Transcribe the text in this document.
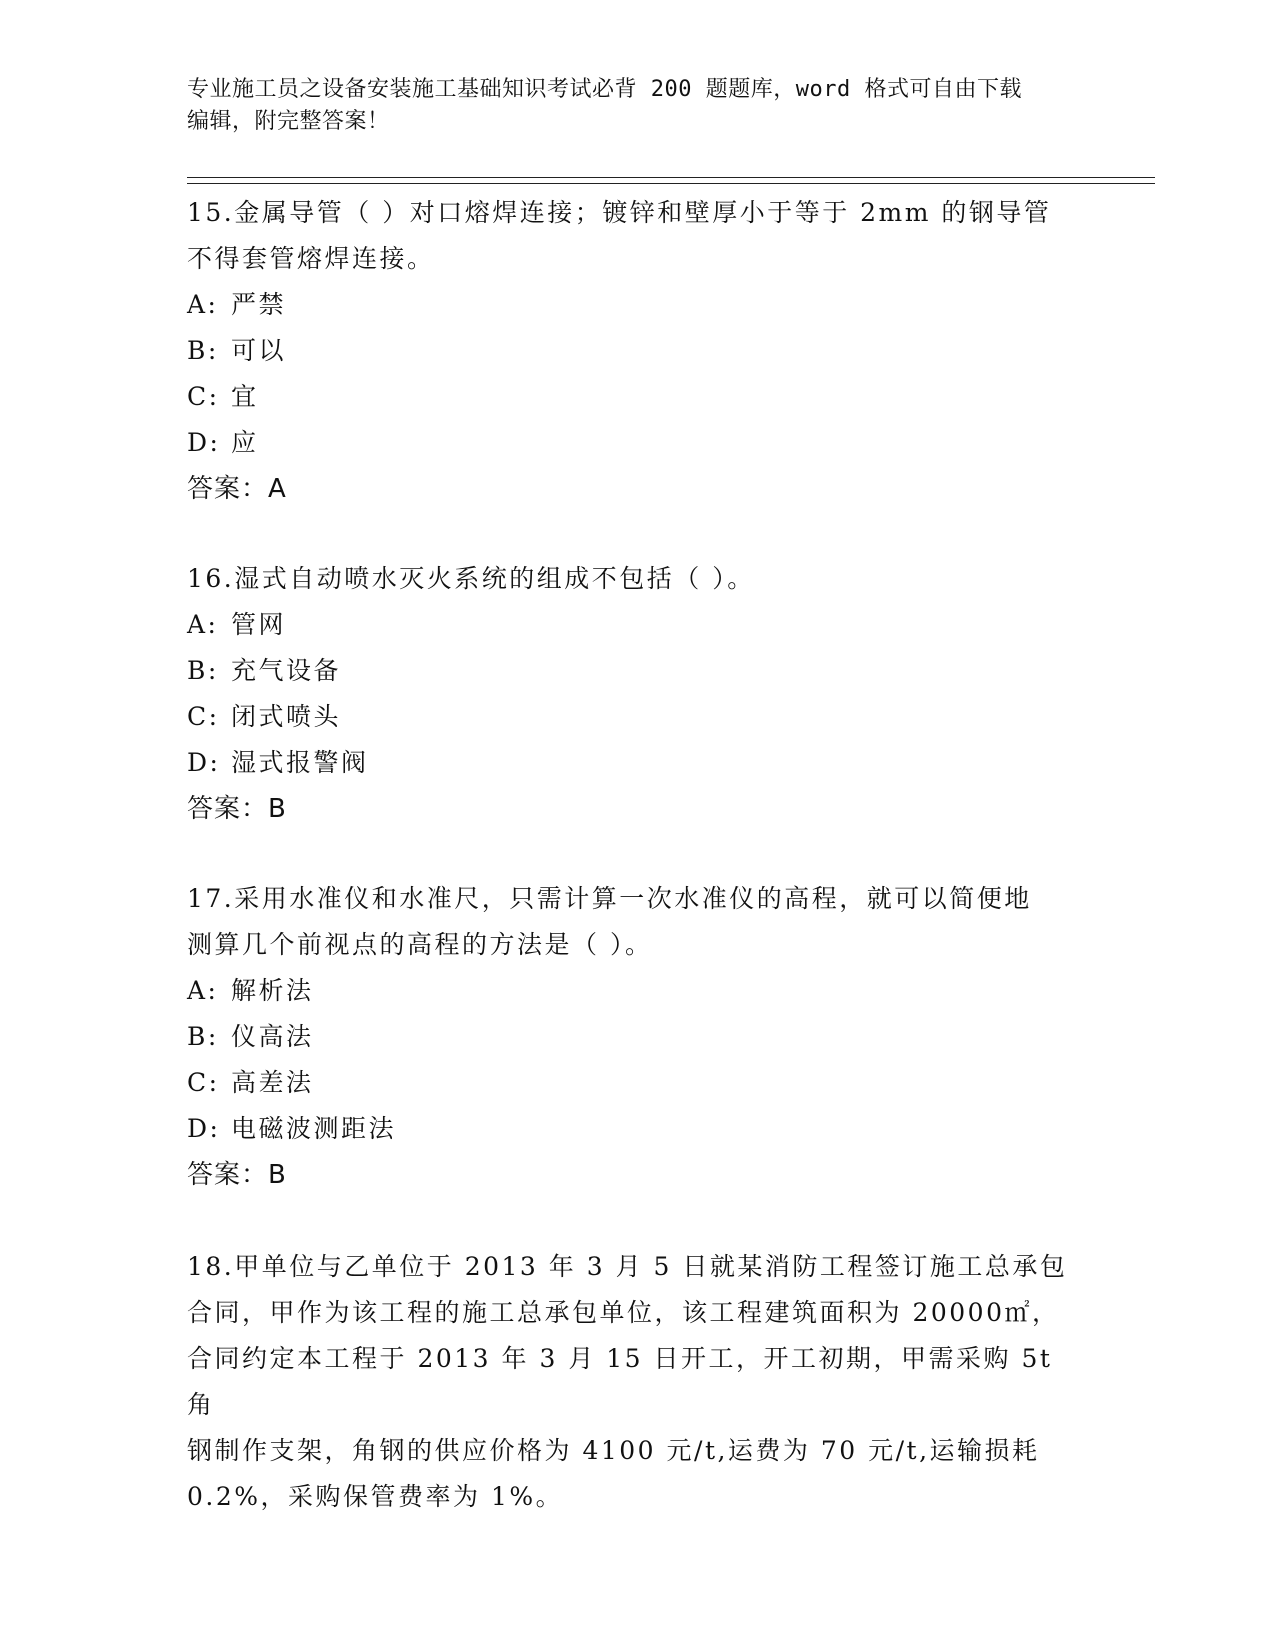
专业施工员之设备安装施工基础知识考试必背 200 题题库，word 格式可自由下载
编辑，附完整答案！
15.金属导管（ ）对口熔焊连接；镀锌和壁厚小于等于 2mm 的钢导管
不得套管熔焊连接。
A: 严禁
B: 可以
C: 宜
D: 应
答案：A
16.湿式自动喷水灭火系统的组成不包括（ ）。
A: 管网
B: 充气设备
C: 闭式喷头
D: 湿式报警阀
答案：B
17.采用水准仪和水准尺，只需计算一次水准仪的高程，就可以简便地
测算几个前视点的高程的方法是（ ）。
A: 解析法
B: 仪高法
C: 高差法
D: 电磁波测距法
答案：B
18.甲单位与乙单位于 2013 年 3 月 5 日就某消防工程签订施工总承包
合同，甲作为该工程的施工总承包单位，该工程建筑面积为 20000㎡，
合同约定本工程于 2013 年 3 月 15 日开工，开工初期，甲需采购 5t 角
钢制作支架，角钢的供应价格为 4100 元/t,运费为 70 元/t,运输损耗
0.2%，采购保管费率为 1%。
